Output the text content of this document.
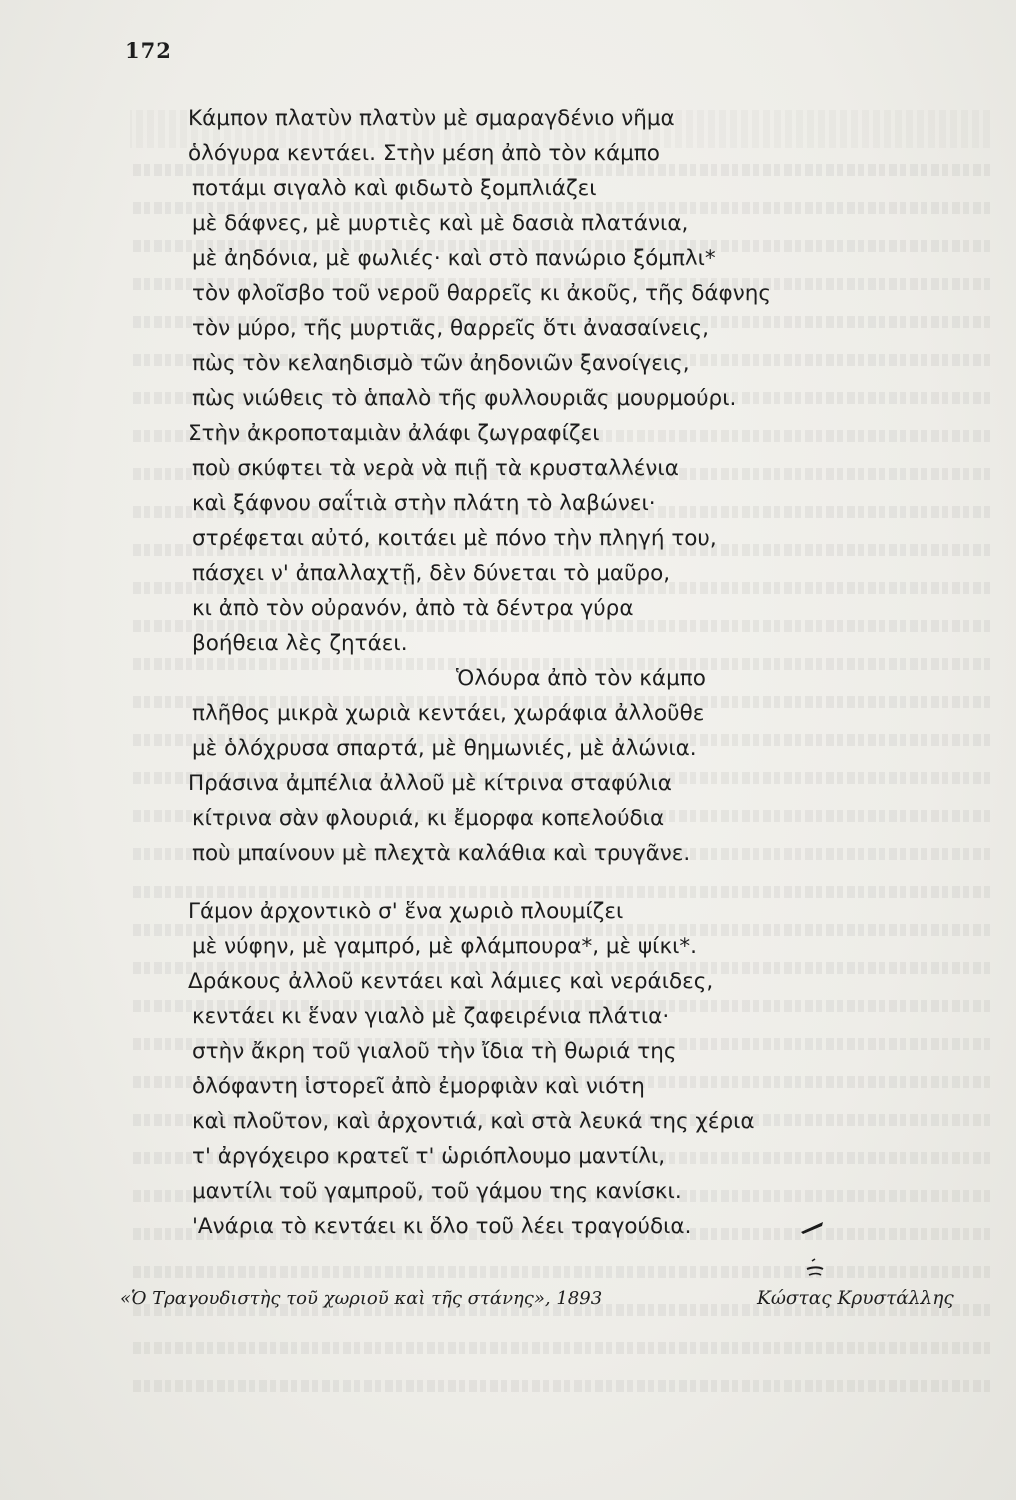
172
Κάμπον πλατὺν πλατὺν μὲ σμαραγδένιο νῆμα
ὁλόγυρα κεντάει. Στὴν μέση ἀπὸ τὸν κάμπο
ποτάμι σιγαλὸ καὶ φιδωτὸ ξομπλιάζει
μὲ δάφνες, μὲ μυρτιὲς καὶ μὲ δασιὰ πλατάνια,
μὲ ἀηδόνια, μὲ φωλιές· καὶ στὸ πανώριο ξόμπλι*
τὸν φλοῖσβο τοῦ νεροῦ θαρρεῖς κι ἀκοῦς, τῆς δάφνης
τὸν μύρο, τῆς μυρτιᾶς, θαρρεῖς ὅτι ἀνασαίνεις,
πὼς τὸν κελαηδισμὸ τῶν ἀηδονιῶν ξανοίγεις,
πὼς νιώθεις τὸ ἁπαλὸ τῆς φυλλουριᾶς μουρμούρι.
Στὴν ἀκροποταμιὰν ἀλάφι ζωγραφίζει
ποὺ σκύφτει τὰ νερὰ νὰ πιῇ τὰ κρυσταλλένια
καὶ ξάφνου σαΐτιὰ στὴν πλάτη τὸ λαβώνει·
στρέφεται αὐτό, κοιτάει μὲ πόνο τὴν πληγή του,
πάσχει ν' ἀπαλλαχτῇ, δὲν δύνεται τὸ μαῦρο,
κι ἀπὸ τὸν οὐρανόν, ἀπὸ τὰ δέντρα γύρα
βοήθεια λὲς ζητάει.
Ὁλόυρα ἀπὸ τὸν κάμπο
πλῆθος μικρὰ χωριὰ κεντάει, χωράφια ἀλλοῦθε
μὲ ὁλόχρυσα σπαρτά, μὲ θημωνιές, μὲ ἀλώνια.
Πράσινα ἀμπέλια ἀλλοῦ μὲ κίτρινα σταφύλια
κίτρινα σὰν φλουριά, κι ἔμορφα κοπελούδια
ποὺ μπαίνουν μὲ πλεχτὰ καλάθια καὶ τρυγᾶνε.
Γάμον ἀρχοντικὸ σ' ἕνα χωριὸ πλουμίζει
μὲ νύφην, μὲ γαμπρό, μὲ φλάμπουρα*, μὲ ψίκι*.
Δράκους ἀλλοῦ κεντάει καὶ λάμιες καὶ νεράιδες,
κεντάει κι ἕναν γιαλὸ μὲ ζαφειρένια πλάτια·
στὴν ἄκρη τοῦ γιαλοῦ τὴν ἴδια τὴ θωριά της
ὁλόφαντη ἱστορεῖ ἀπὸ ἐμορφιὰν καὶ νιότη
καὶ πλοῦτον, καὶ ἀρχοντιά, καὶ στὰ λευκά της χέρια
τ' ἀργόχειρο κρατεῖ τ' ὡριόπλουμο μαντίλι,
μαντίλι τοῦ γαμπροῦ, τοῦ γάμου της κανίσκι.
'Ανάρια τὸ κεντάει κι ὅλο τοῦ λέει τραγούδια.
«Ὁ Τραγουδιστὴς τοῦ χωριοῦ καὶ τῆς στάνης», 1893	Κώστας Κρυστάλλης
